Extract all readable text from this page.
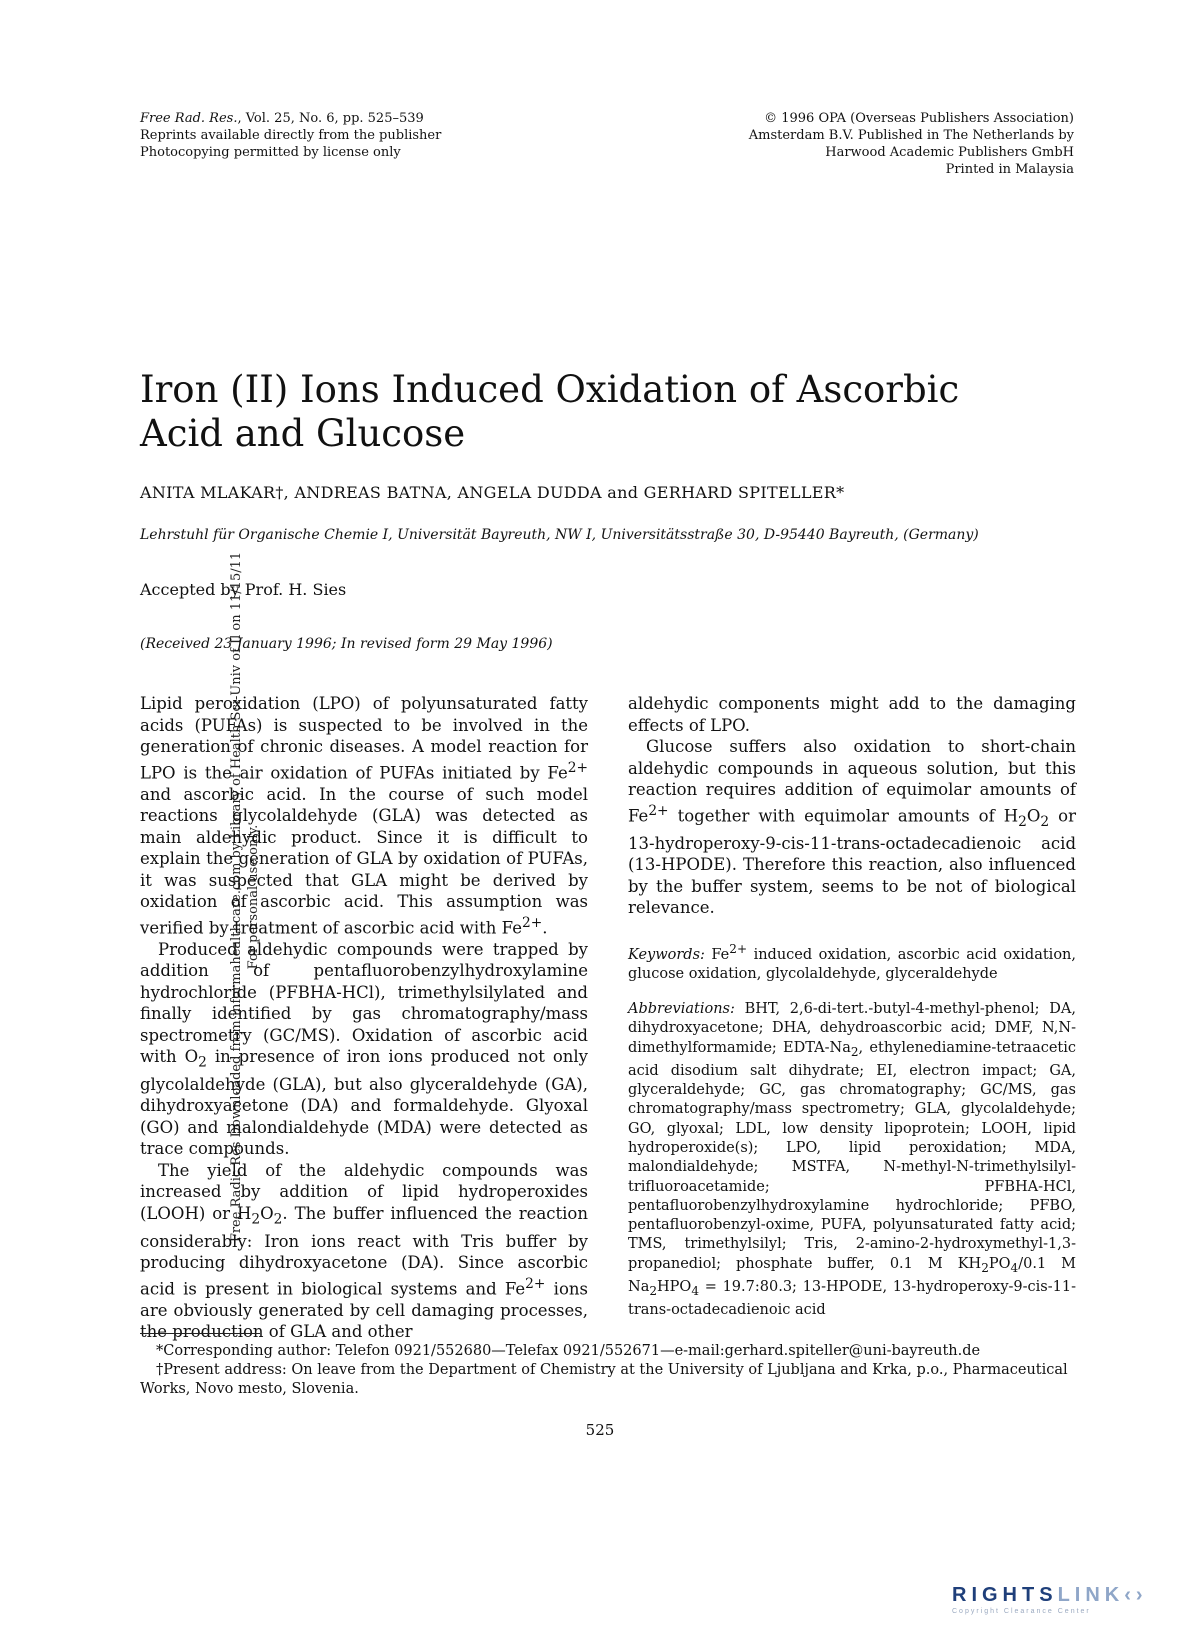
Free Rad. Res., Vol. 25, No. 6, pp. 525–539
Reprints available directly from the publisher
Photocopying permitted by license only
© 1996 OPA (Overseas Publishers Association)
Amsterdam B.V. Published in The Netherlands by
Harwood Academic Publishers GmbH
Printed in Malaysia
Free Radic Res Downloaded from informahealthcare.com by Library of Health Sci-Univ of Il on 11/15/11 For personal use only.
Iron (II) Ions Induced Oxidation of Ascorbic
Acid and Glucose
ANITA MLAKAR†, ANDREAS BATNA, ANGELA DUDDA and GERHARD SPITELLER*
Lehrstuhl für Organische Chemie I, Universität Bayreuth, NW I, Universitätsstraße 30, D-95440 Bayreuth, (Germany)
Accepted by Prof. H. Sies
(Received 23 January 1996; In revised form 29 May 1996)

Lipid peroxidation (LPO) of polyunsaturated fatty acids (PUFAs) is suspected to be involved in the generation of chronic diseases. A model reaction for LPO is the air oxidation of PUFAs initiated by $Fe^{2+}$ and ascorbic acid. In the course of such model reactions glycolaldehyde (GLA) was detected as main aldehydic product. Since it is difficult to explain the generation of GLA by oxidation of PUFAs, it was suspected that GLA might be derived by oxidation of ascorbic acid. This assumption was verified by treatment of ascorbic acid with $Fe^{2+}$.

Produced aldehydic compounds were trapped by addition of pentafluorobenzylhydroxylamine hydrochloride (PFBHA-HCl), trimethylsilylated and finally identified by gas chromatography/mass spectrometry (GC/MS). Oxidation of ascorbic acid with $O_2$ in presence of iron ions produced not only glycolaldehyde (GLA), but also glyceraldehyde (GA), dihydroxyacetone (DA) and formaldehyde. Glyoxal (GO) and malondialdehyde (MDA) were detected as trace compounds.

The yield of the aldehydic compounds was increased by addition of lipid hydroperoxides (LOOH) or $H_2O_2$. The buffer influenced the reaction considerably: Iron ions react with Tris buffer by producing dihydroxyacetone (DA). Since ascorbic acid is present in biological systems and $Fe^{2+}$ ions are obviously generated by cell damaging processes, the production of GLA and other

aldehydic components might add to the damaging effects of LPO.

Glucose suffers also oxidation to short-chain aldehydic compounds in aqueous solution, but this reaction requires addition of equimolar amounts of $Fe^{2+}$ together with equimolar amounts of $H_2O_2$ or 13-hydroperoxy-9-cis-11-trans-octadecadienoic acid (13-HPODE). Therefore this reaction, also influenced by the buffer system, seems to be not of biological relevance.

Keywords: $Fe^{2+}$ induced oxidation, ascorbic acid oxidation, glucose oxidation, glycolaldehyde, glyceraldehyde
Abbreviations: BHT, 2,6-di-tert.-butyl-4-methyl-phenol; DA, dihydroxyacetone; DHA, dehydroascorbic acid; DMF, N,N-dimethylformamide; EDTA-$Na_2$, ethylenediamine-tetraacetic acid disodium salt dihydrate; EI, electron impact; GA, glyceraldehyde; GC, gas chromatography; GC/MS, gas chromatography/mass spectrometry; GLA, glycolaldehyde; GO, glyoxal; LDL, low density lipoprotein; LOOH, lipid hydroperoxide(s); LPO, lipid peroxidation; MDA, malondialdehyde; MSTFA, N-methyl-N-trimethylsilyl-trifluoroacetamide; PFBHA-HCl, pentafluorobenzylhydroxylamine hydrochloride; PFBO, pentafluorobenzyl-oxime, PUFA, polyunsaturated fatty acid; TMS, trimethylsilyl; Tris, 2-amino-2-hydroxymethyl-1,3-propanediol; phosphate buffer, 0.1 M $KH_2PO_4/0.1$ M $Na_2HPO_4$ = 19.7:80.3; 13-HPODE, 13-hydroperoxy-9-cis-11-trans-octadecadienoic acid

*Corresponding author: Telefon 0921/552680—Telefax 0921/552671—e-mail:gerhard.spiteller@uni-bayreuth.de

†Present address: On leave from the Department of Chemistry at the University of Ljubljana and Krka, p.o., Pharmaceutical Works, Novo mesto, Slovenia.

525
RIGHTSLINK‹›
Copyright Clearance Center
